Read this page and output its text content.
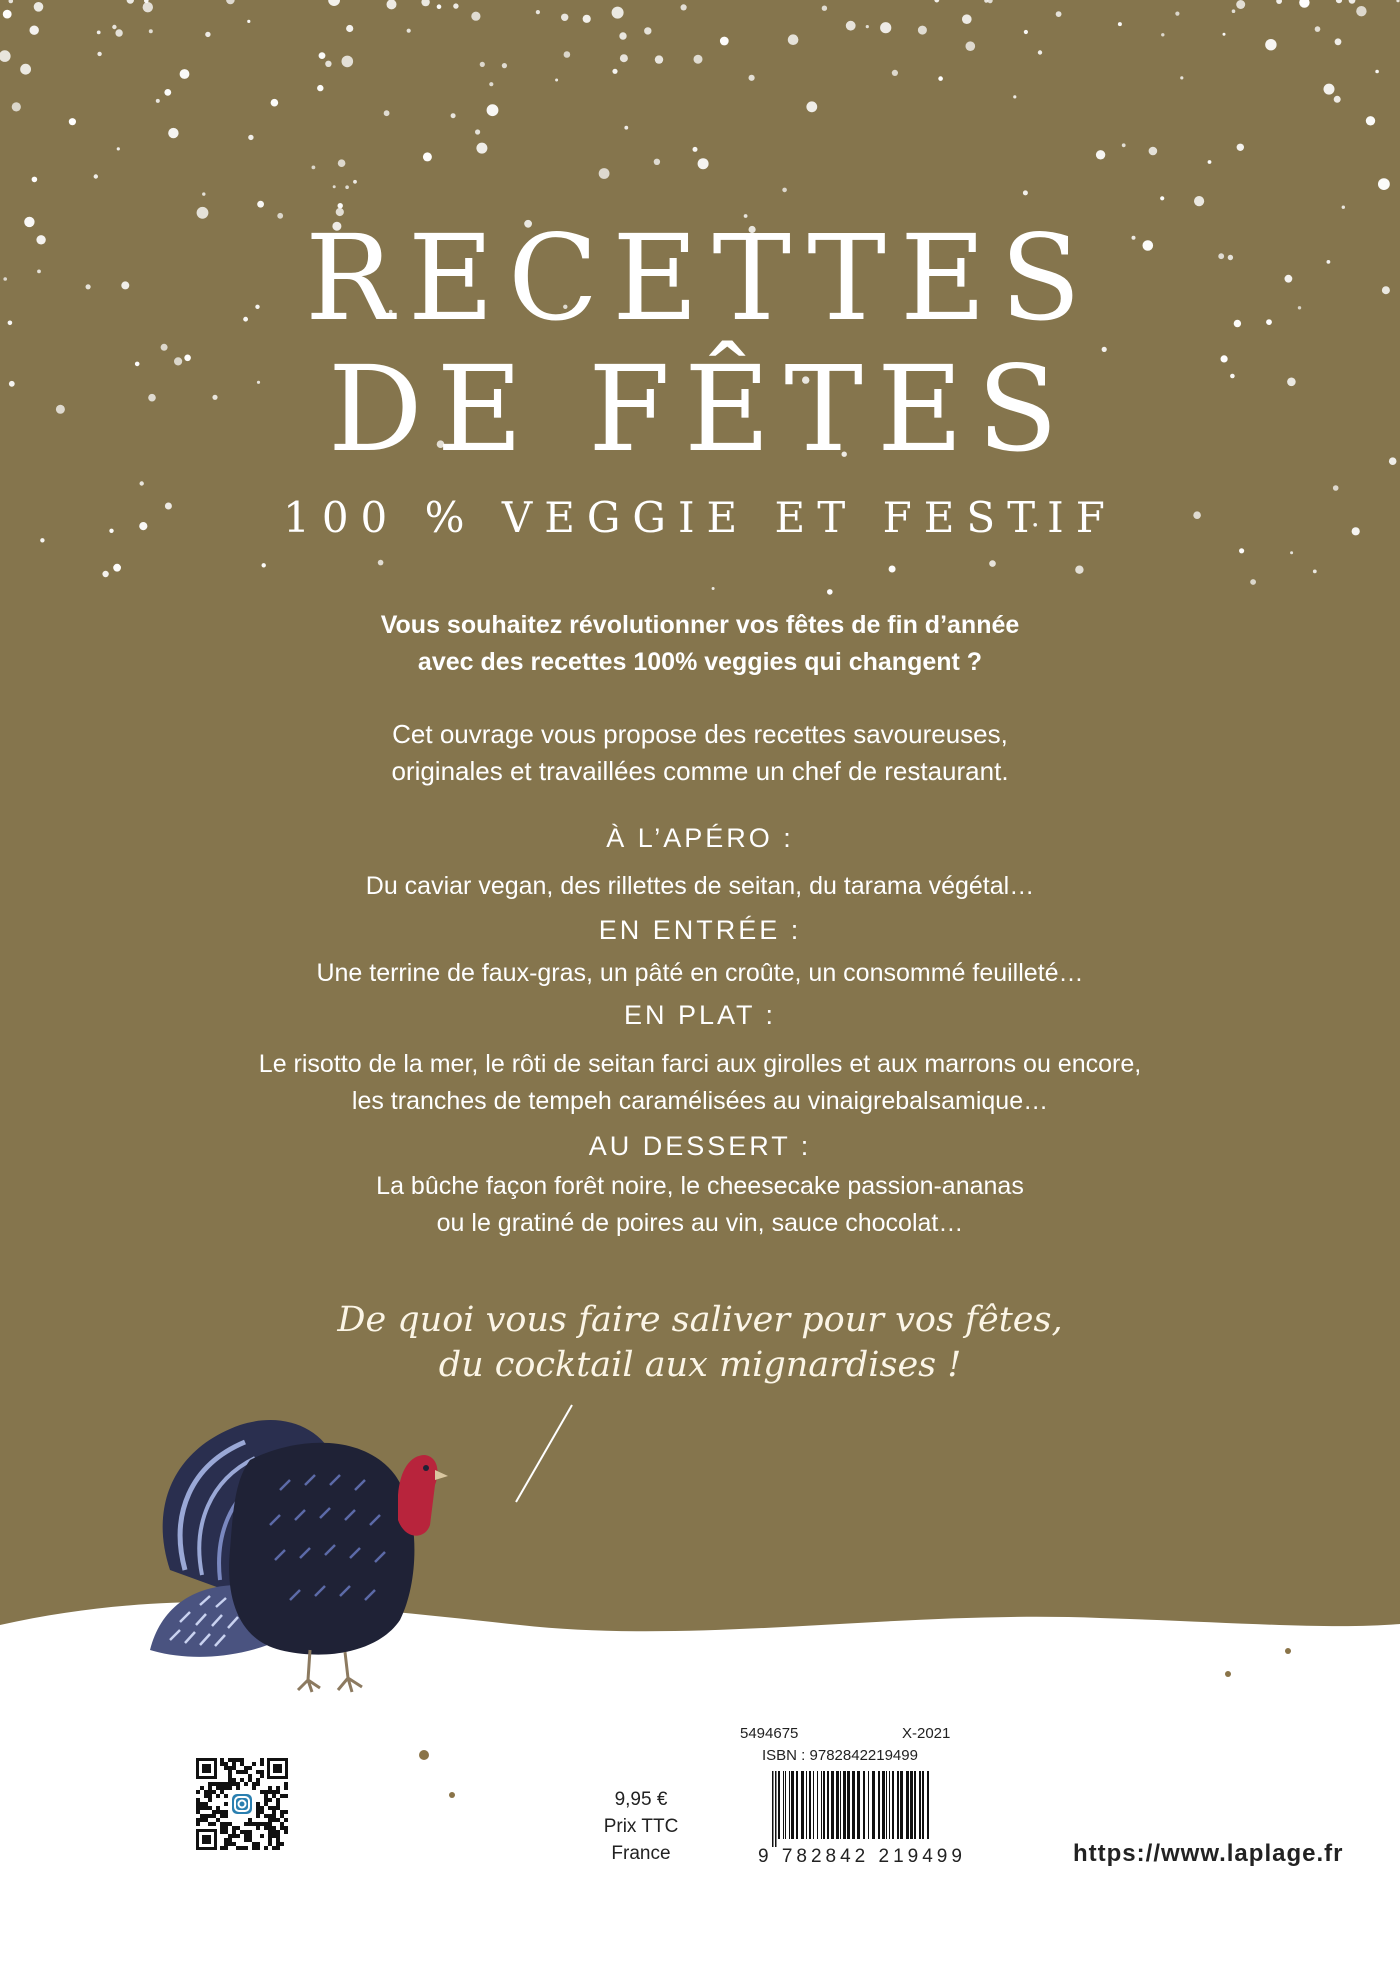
RECETTES
DE FÊTES
100 % VEGGIE ET FESTIF
Vous souhaitez révolutionner vos fêtes de fin d’année
avec des recettes 100% veggies qui changent ?
Cet ouvrage vous propose des recettes savoureuses,
originales et travaillées comme un chef de restaurant.
À L’APÉRO :
Du caviar vegan, des rillettes de seitan, du tarama végétal…
EN ENTRÉE :
Une terrine de faux-gras, un pâté en croûte, un consommé feuilleté…
EN PLAT :
Le risotto de la mer, le rôti de seitan farci aux girolles et aux marrons ou encore,
les tranches de tempeh caramélisées au vinaigrebalsamique…
AU DESSERT :
La bûche façon forêt noire, le cheesecake passion-ananas
ou le gratiné de poires au vin, sauce chocolat…
De quoi vous faire saliver pour vos fêtes,
du cocktail aux mignardises !
9,95 €
Prix TTC
France
5494675	X-2021
ISBN : 9782842219499
9 782842 219499	https://www.laplage.fr
